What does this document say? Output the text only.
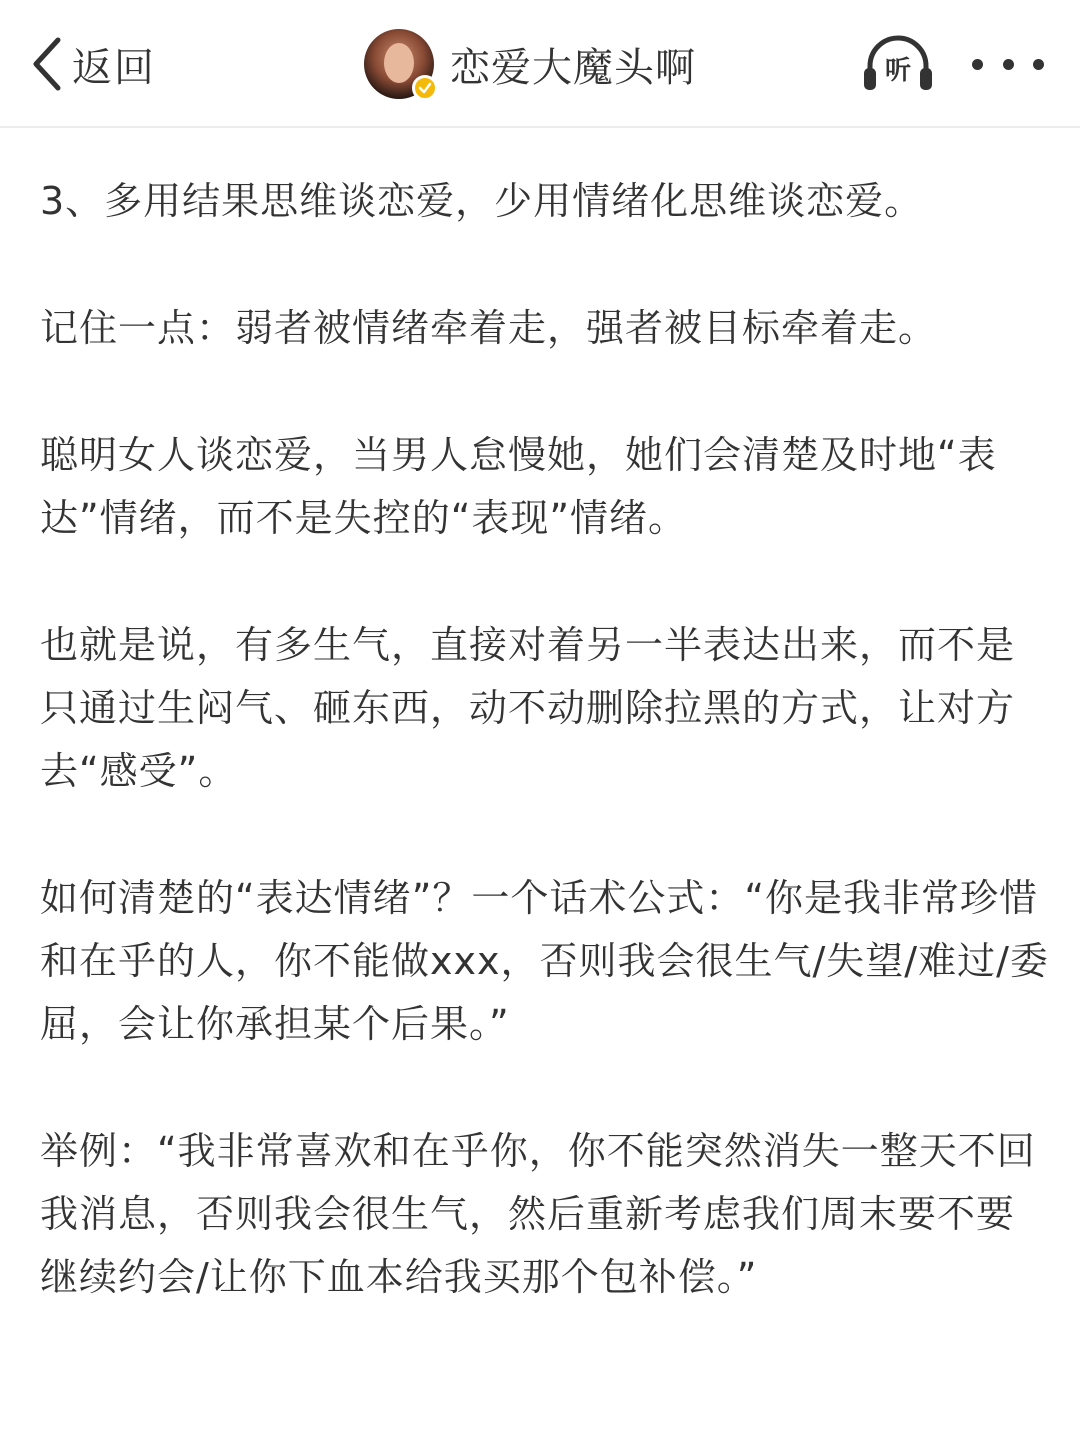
返回	恋爱大魔头啊	听

3、多用结果思维谈恋爱，少用情绪化思维谈恋爱。

记住一点：弱者被情绪牵着走，强者被目标牵着走。

聪明女人谈恋爱，当男人怠慢她，她们会清楚及时地“表达”情绪，而不是失控的“表现”情绪。

也就是说，有多生气，直接对着另一半表达出来，而不是只通过生闷气、砸东西，动不动删除拉黑的方式，让对方去“感受”。

如何清楚的“表达情绪”？一个话术公式：“你是我非常珍惜和在乎的人，你不能做xxx，否则我会很生气/失望/难过/委屈，会让你承担某个后果。”

举例：“我非常喜欢和在乎你，你不能突然消失一整天不回我消息，否则我会很生气，然后重新考虑我们周末要不要继续约会/让你下血本给我买那个包补偿。”
